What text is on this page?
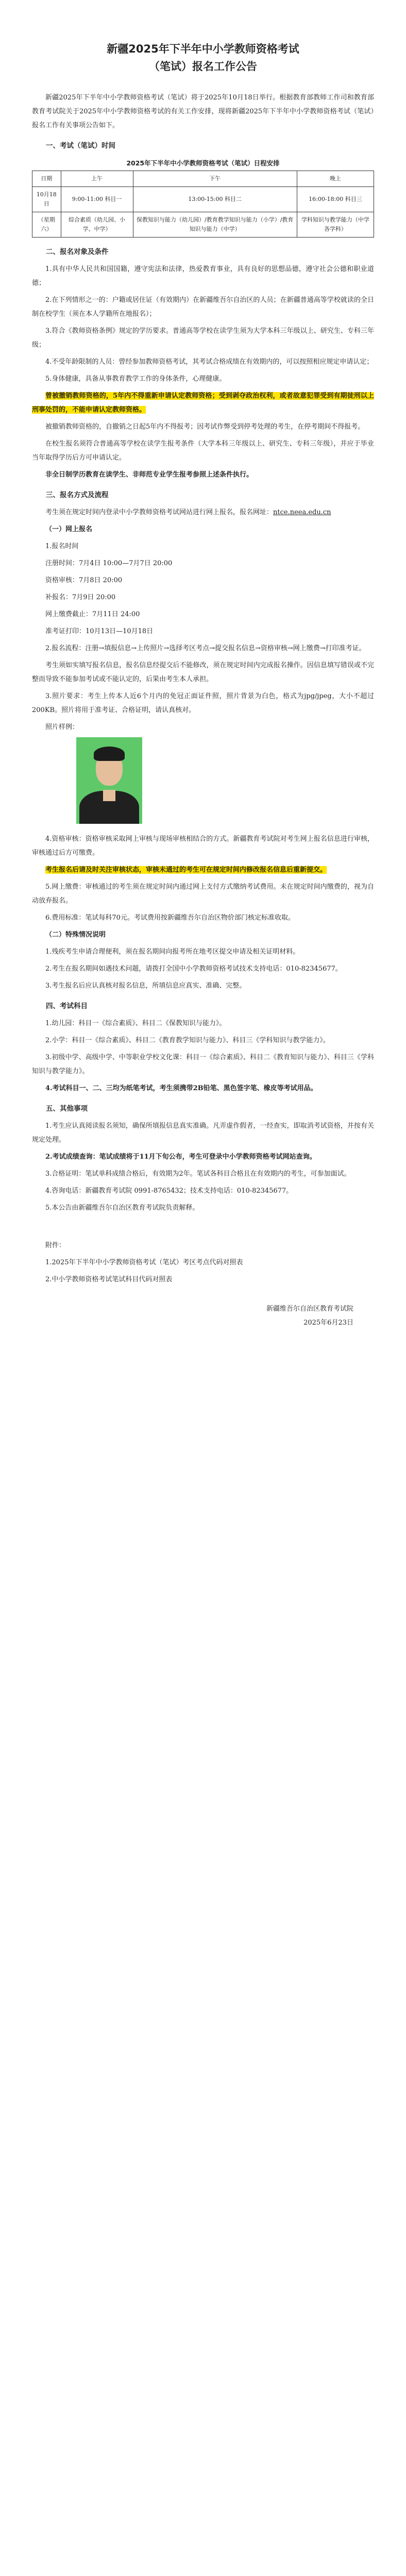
新疆2025年下半年中小学教师资格考试
（笔试）报名工作公告

新疆2025年下半年中小学教师资格考试（笔试）将于2025年10月18日举行。根据教育部教师工作司和教育部教育考试院关于2025年中小学教师资格考试的有关工作安排，现将新疆2025年下半年中小学教师资格考试（笔试）报名工作有关事项公告如下。

一、考试（笔试）时间
2025年下半年中小学教师资格考试（笔试）日程安排
日期	上午	下午	晚上
10月18日	9:00-11:00 科目一	13:00-15:00 科目二	16:00-18:00 科目三
（星期六）	综合素质（幼儿园、小学、中学）	保教知识与能力（幼儿园）/教育教学知识与能力（小学）/教育知识与能力（中学）	学科知识与教学能力（中学各学科）
二、报名对象及条件

1.具有中华人民共和国国籍，遵守宪法和法律，热爱教育事业，具有良好的思想品德，遵守社会公德和职业道德；

2.在下列情形之一的：户籍或居住证（有效期内）在新疆维吾尔自治区的人员；在新疆普通高等学校就读的全日制在校学生（须在本人学籍所在地报名）；

3.符合《教师资格条例》规定的学历要求。普通高等学校在读学生须为大学本科三年级以上、研究生、专科三年级；

4.不受年龄限制的人员：曾经参加教师资格考试，其考试合格成绩在有效期内的，可以按照相应规定申请认定；

5.身体健康，具备从事教育教学工作的身体条件，心理健康。

曾被撤销教师资格的，5年内不得重新申请认定教师资格；受到剥夺政治权利，或者故意犯罪受到有期徒刑以上刑事处罚的，不能申请认定教师资格。

被撤销教师资格的，自撤销之日起5年内不得报考；因考试作弊受到停考处理的考生，在停考期间不得报考。

在校生报名须符合普通高等学校在读学生报考条件（大学本科三年级以上、研究生、专科三年级），并应于毕业当年取得学历后方可申请认定。

非全日制学历教育在读学生、非师范专业学生报考参照上述条件执行。

三、报名方式及流程

考生须在规定时间内登录中小学教师资格考试网站进行网上报名，报名网址：ntce.neea.edu.cn

（一）网上报名

1.报名时间

注册时间：7月4日 10:00—7月7日 20:00

资格审核：7月8日 20:00

补报名：7月9日 20:00

网上缴费截止：7月11日 24:00

准考证打印：10月13日—10月18日

2.报名流程：注册→填报信息→上传照片→选择考区考点→提交报名信息→资格审核→网上缴费→打印准考证。

考生须如实填写报名信息，报名信息经提交后不能修改，须在规定时间内完成报名操作。因信息填写错误或不完整而导致不能参加考试或不能认定的，后果由考生本人承担。

3.照片要求：考生上传本人近6个月内的免冠正面证件照，照片背景为白色，格式为jpg/jpeg，大小不超过200KB。照片将用于准考证、合格证明，请认真核对。

照片样例：

4.资格审核：资格审核采取网上审核与现场审核相结合的方式。新疆教育考试院对考生网上报名信息进行审核，审核通过后方可缴费。

考生报名后请及时关注审核状态，审核未通过的考生可在规定时间内修改报名信息后重新提交。

5.网上缴费：审核通过的考生须在规定时间内通过网上支付方式缴纳考试费用。未在规定时间内缴费的，视为自动放弃报名。

6.费用标准：笔试每科70元。考试费用按新疆维吾尔自治区物价部门核定标准收取。

（二）特殊情况说明

1.残疾考生申请合理便利，须在报名期间向报考所在地考区提交申请及相关证明材料。

2.考生在报名期间如遇技术问题，请拨打全国中小学教师资格考试技术支持电话：010-82345677。

3.考生报名后应认真核对报名信息，所填信息应真实、准确、完整。

四、考试科目

1.幼儿园：科目一《综合素质》、科目二《保教知识与能力》。

2.小学：科目一《综合素质》、科目二《教育教学知识与能力》、科目三《学科知识与教学能力》。

3.初级中学、高级中学、中等职业学校文化课：科目一《综合素质》、科目二《教育知识与能力》、科目三《学科知识与教学能力》。

4.考试科目一、二、三均为纸笔考试，考生须携带2B铅笔、黑色签字笔、橡皮等考试用品。

五、其他事项

1.考生应认真阅读报名须知，确保所填报信息真实准确。凡弄虚作假者，一经查实，即取消考试资格，并按有关规定处理。

2.考试成绩查询：笔试成绩将于11月下旬公布，考生可登录中小学教师资格考试网站查询。

3.合格证明：笔试单科成绩合格后，有效期为2年。笔试各科目合格且在有效期内的考生，可参加面试。

4.咨询电话：新疆教育考试院 0991-8765432；技术支持电话：010-82345677。

5.本公告由新疆维吾尔自治区教育考试院负责解释。

附件：

1.2025年下半年中小学教师资格考试（笔试）考区考点代码对照表

2.中小学教师资格考试笔试科目代码对照表

新疆维吾尔自治区教育考试院
2025年6月23日
